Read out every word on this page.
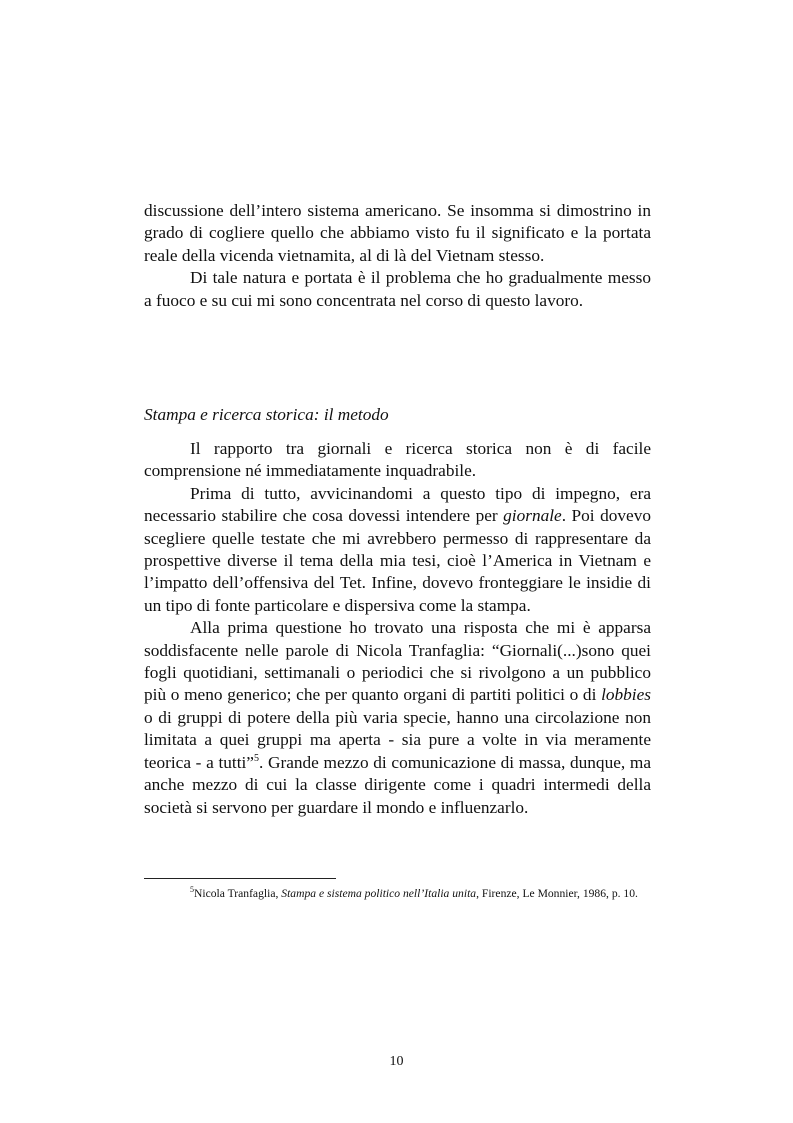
discussione dell’intero sistema americano. Se insomma si dimostrino in grado di cogliere quello che abbiamo visto fu il significato e la portata reale della vicenda vietnamita, al di là del Vietnam stesso.

Di tale natura e portata è il problema che ho gradualmente messo a fuoco e su cui mi sono concentrata nel corso di questo lavoro.

Stampa e ricerca storica: il metodo

Il rapporto tra giornali e ricerca storica non è di facile comprensione né immediatamente inquadrabile.

Prima di tutto, avvicinandomi a questo tipo di impegno, era necessario stabilire che cosa dovessi intendere per giornale. Poi dovevo scegliere quelle testate che mi avrebbero permesso di rappresentare da prospettive diverse il tema della mia tesi, cioè l’America in Vietnam e l’impatto dell’offensiva del Tet. Infine, dovevo fronteggiare le insidie di un tipo di fonte particolare e dispersiva come la stampa.

Alla prima questione ho trovato una risposta che mi è apparsa soddisfacente nelle parole di Nicola Tranfaglia: “Giornali(...)sono quei fogli quotidiani, settimanali o periodici che si rivolgono a un pubblico più o meno generico; che per quanto organi di partiti politici o di lobbies o di gruppi di potere della più varia specie, hanno una circolazione non limitata a quei gruppi ma aperta - sia pure a volte in via meramente teorica - a tutti”$^5$. Grande mezzo di comunicazione di massa, dunque, ma anche mezzo di cui la classe dirigente come i quadri intermedi della società si servono per guardare il mondo e influenzarlo.

$^5$Nicola Tranfaglia, Stampa e sistema politico nell’Italia unita, Firenze, Le Monnier, 1986, p. 10.

10
